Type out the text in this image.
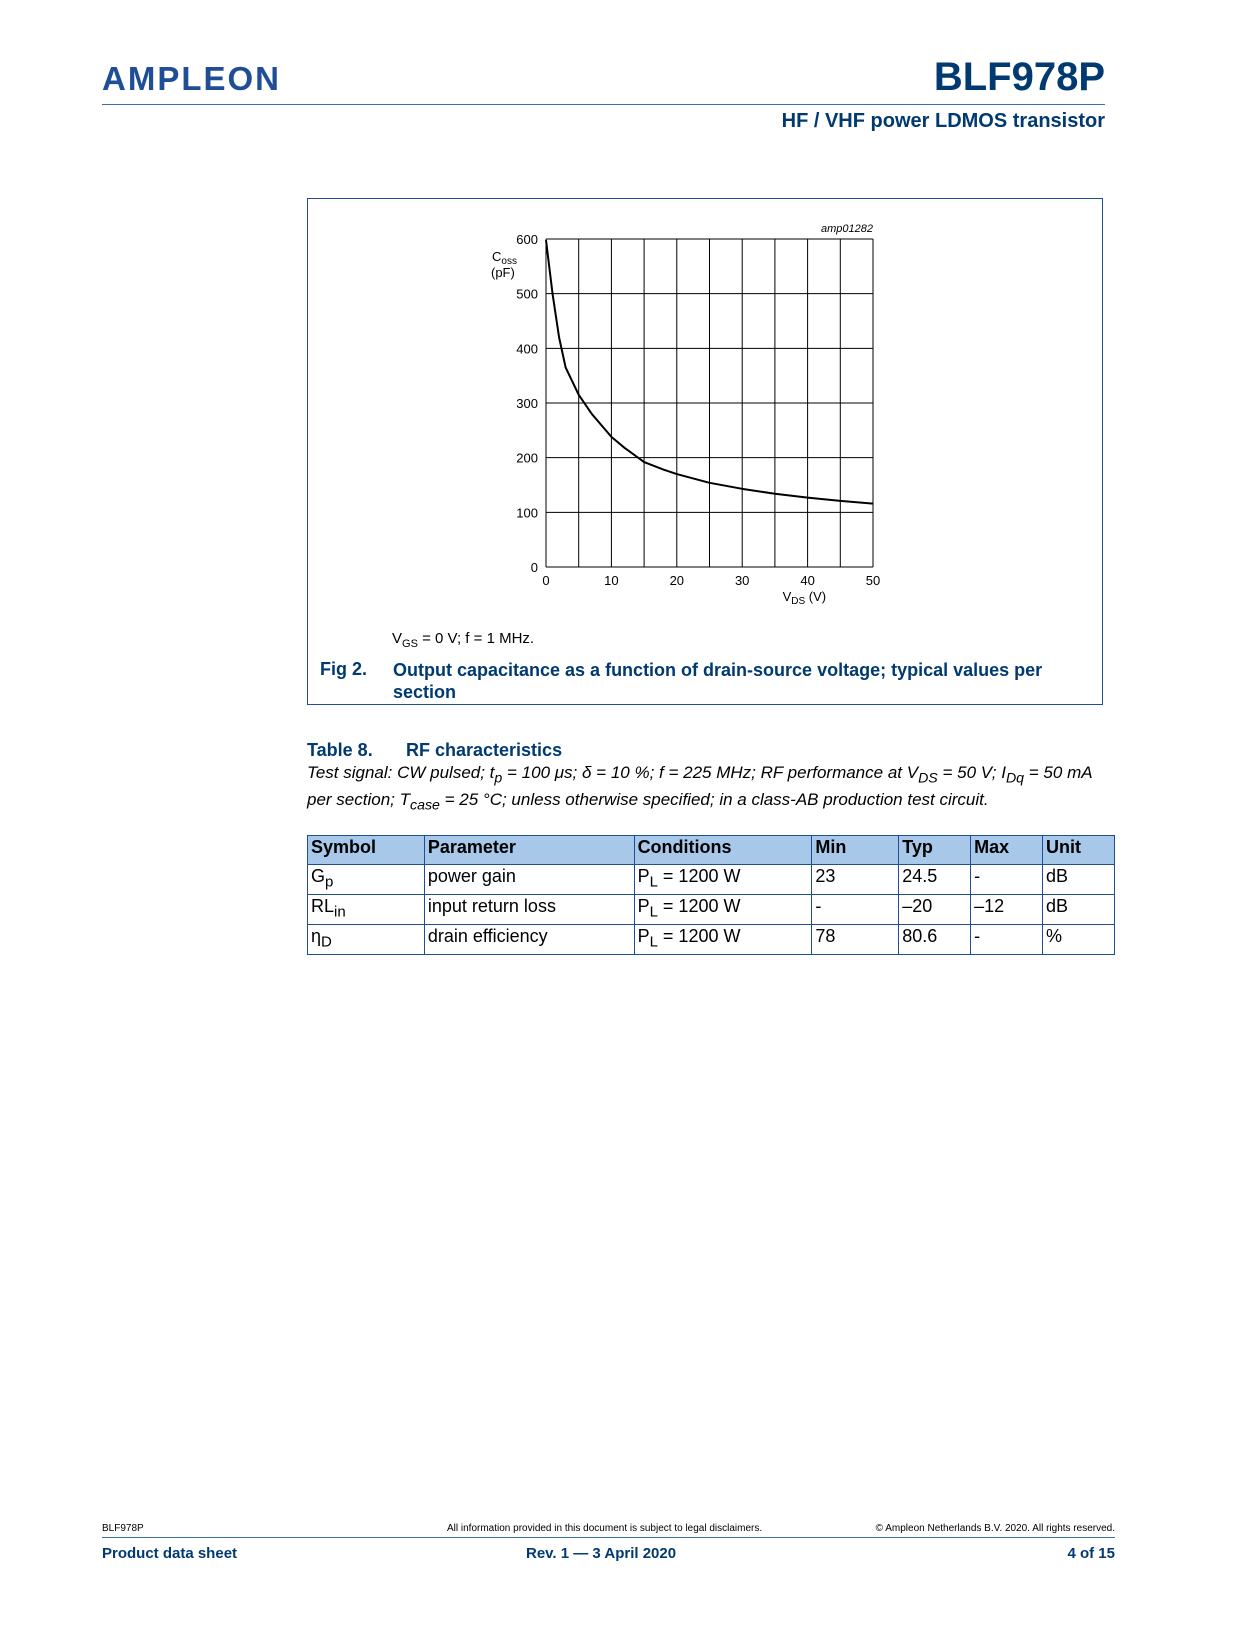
AMPLEON	BLF978P
HF / VHF power LDMOS transistor
0	10	20	30	40	50
0
100
200
300
400
500
600
$C_{oss}$
(pF)
$V_{DS}$ (V)
amp01282
$V_{GS} = 0$ V; f = 1 MHz.
Fig 2. Output capacitance as a function of drain-source voltage; typical values per section
Table 8. RF characteristics
Test signal: CW pulsed; $t_p = 100$ μs; δ = 10 %; f = 225 MHz; RF performance at $V_{DS} = 50$ V; $I_{Dq} = 50$ mA per section; $T_{case} = 25$ °C; unless otherwise specified; in a class-AB production test circuit.
Symbol	Parameter	Conditions	Min	Typ	Max	Unit
$G_p$	power gain	$P_L = 1200$ W	23	24.5	-	dB
$RL_{in}$	input return loss	$P_L = 1200$ W	-	–20	–12	dB
$\eta_D$	drain efficiency	$P_L = 1200$ W	78	80.6	-	%
BLF978P	All information provided in this document is subject to legal disclaimers.	© Ampleon Netherlands B.V. 2020. All rights reserved.
Product data sheet	Rev. 1 — 3 April 2020	4 of 15
